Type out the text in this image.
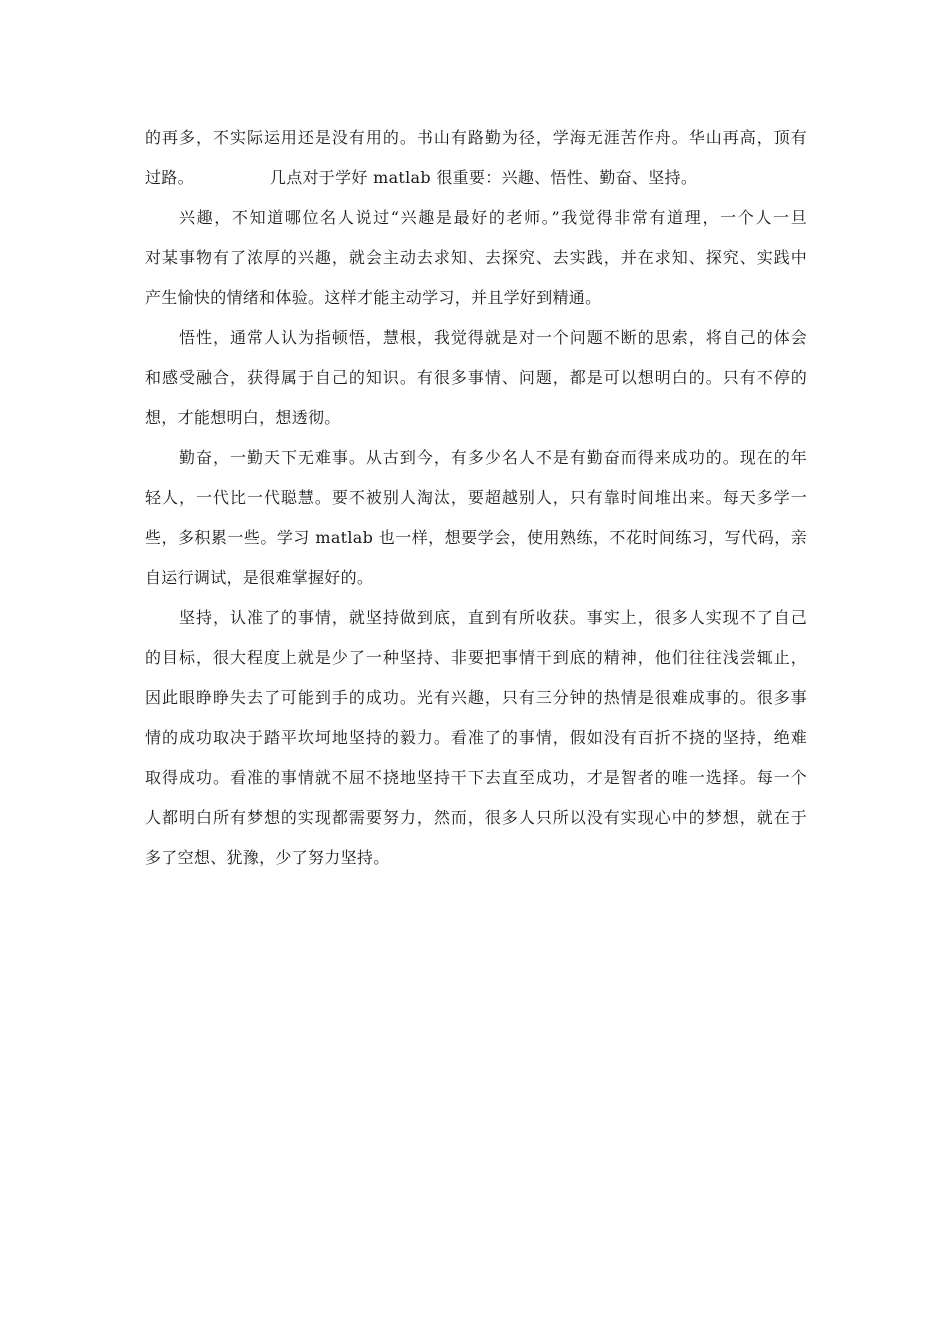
的再多，不实际运用还是没有用的。书山有路勤为径，学海无涯苦作舟。华山再高，顶有
过路。	几点对于学好 matlab 很重要：兴趣、悟性、勤奋、坚持。
兴趣，不知道哪位名人说过“兴趣是最好的老师。”我觉得非常有道理，一个人一旦
对某事物有了浓厚的兴趣，就会主动去求知、去探究、去实践，并在求知、探究、实践中
产生愉快的情绪和体验。这样才能主动学习，并且学好到精通。
悟性，通常人认为指顿悟，慧根，我觉得就是对一个问题不断的思索，将自己的体会
和感受融合，获得属于自己的知识。有很多事情、问题，都是可以想明白的。只有不停的
想，才能想明白，想透彻。
勤奋，一勤天下无难事。从古到今，有多少名人不是有勤奋而得来成功的。现在的年
轻人，一代比一代聪慧。要不被别人淘汰，要超越别人，只有靠时间堆出来。每天多学一
些，多积累一些。学习 matlab 也一样，想要学会，使用熟练，不花时间练习，写代码，亲
自运行调试，是很难掌握好的。
坚持，认准了的事情，就坚持做到底，直到有所收获。事实上，很多人实现不了自己
的目标，很大程度上就是少了一种坚持、非要把事情干到底的精神，他们往往浅尝辄止，
因此眼睁睁失去了可能到手的成功。光有兴趣，只有三分钟的热情是很难成事的。很多事
情的成功取决于踏平坎坷地坚持的毅力。看准了的事情，假如没有百折不挠的坚持，绝难
取得成功。看准的事情就不屈不挠地坚持干下去直至成功，才是智者的唯一选择。每一个
人都明白所有梦想的实现都需要努力，然而，很多人只所以没有实现心中的梦想，就在于
多了空想、犹豫，少了努力坚持。
